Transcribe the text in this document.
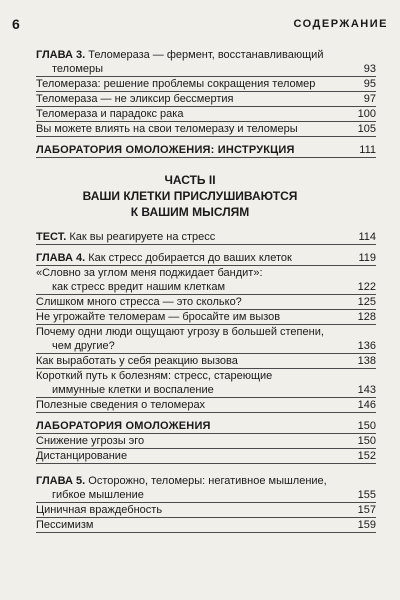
6	СОДЕРЖАНИЕ
ГЛАВА 3. Теломераза — фермент, восстанавливающий
теломеры	93
Теломераза: решение проблемы сокращения теломер	95
Теломераза — не эликсир бессмертия	97
Теломераза и парадокс рака	100
Вы можете влиять на свои теломеразу и теломеры	105
ЛАБОРАТОРИЯ ОМОЛОЖЕНИЯ: ИНСТРУКЦИЯ	111
ЧАСТЬ II
ВАШИ КЛЕТКИ ПРИСЛУШИВАЮТСЯ
К ВАШИМ МЫСЛЯМ
ТЕСТ. Как вы реагируете на стресс	114
ГЛАВА 4. Как стресс добирается до ваших клеток	119
«Словно за углом меня поджидает бандит»:
как стресс вредит нашим клеткам	122
Слишком много стресса — это сколько?	125
Не угрожайте теломерам — бросайте им вызов	128
Почему одни люди ощущают угрозу в большей степени,
чем другие?	136
Как выработать у себя реакцию вызова	138
Короткий путь к болезням: стресс, стареющие
иммунные клетки и воспаление	143
Полезные сведения о теломерах	146
ЛАБОРАТОРИЯ ОМОЛОЖЕНИЯ	150
Снижение угрозы эго	150
Дистанцирование	152
ГЛАВА 5. Осторожно, теломеры: негативное мышление,
гибкое мышление	155
Циничная враждебность	157
Пессимизм	159
